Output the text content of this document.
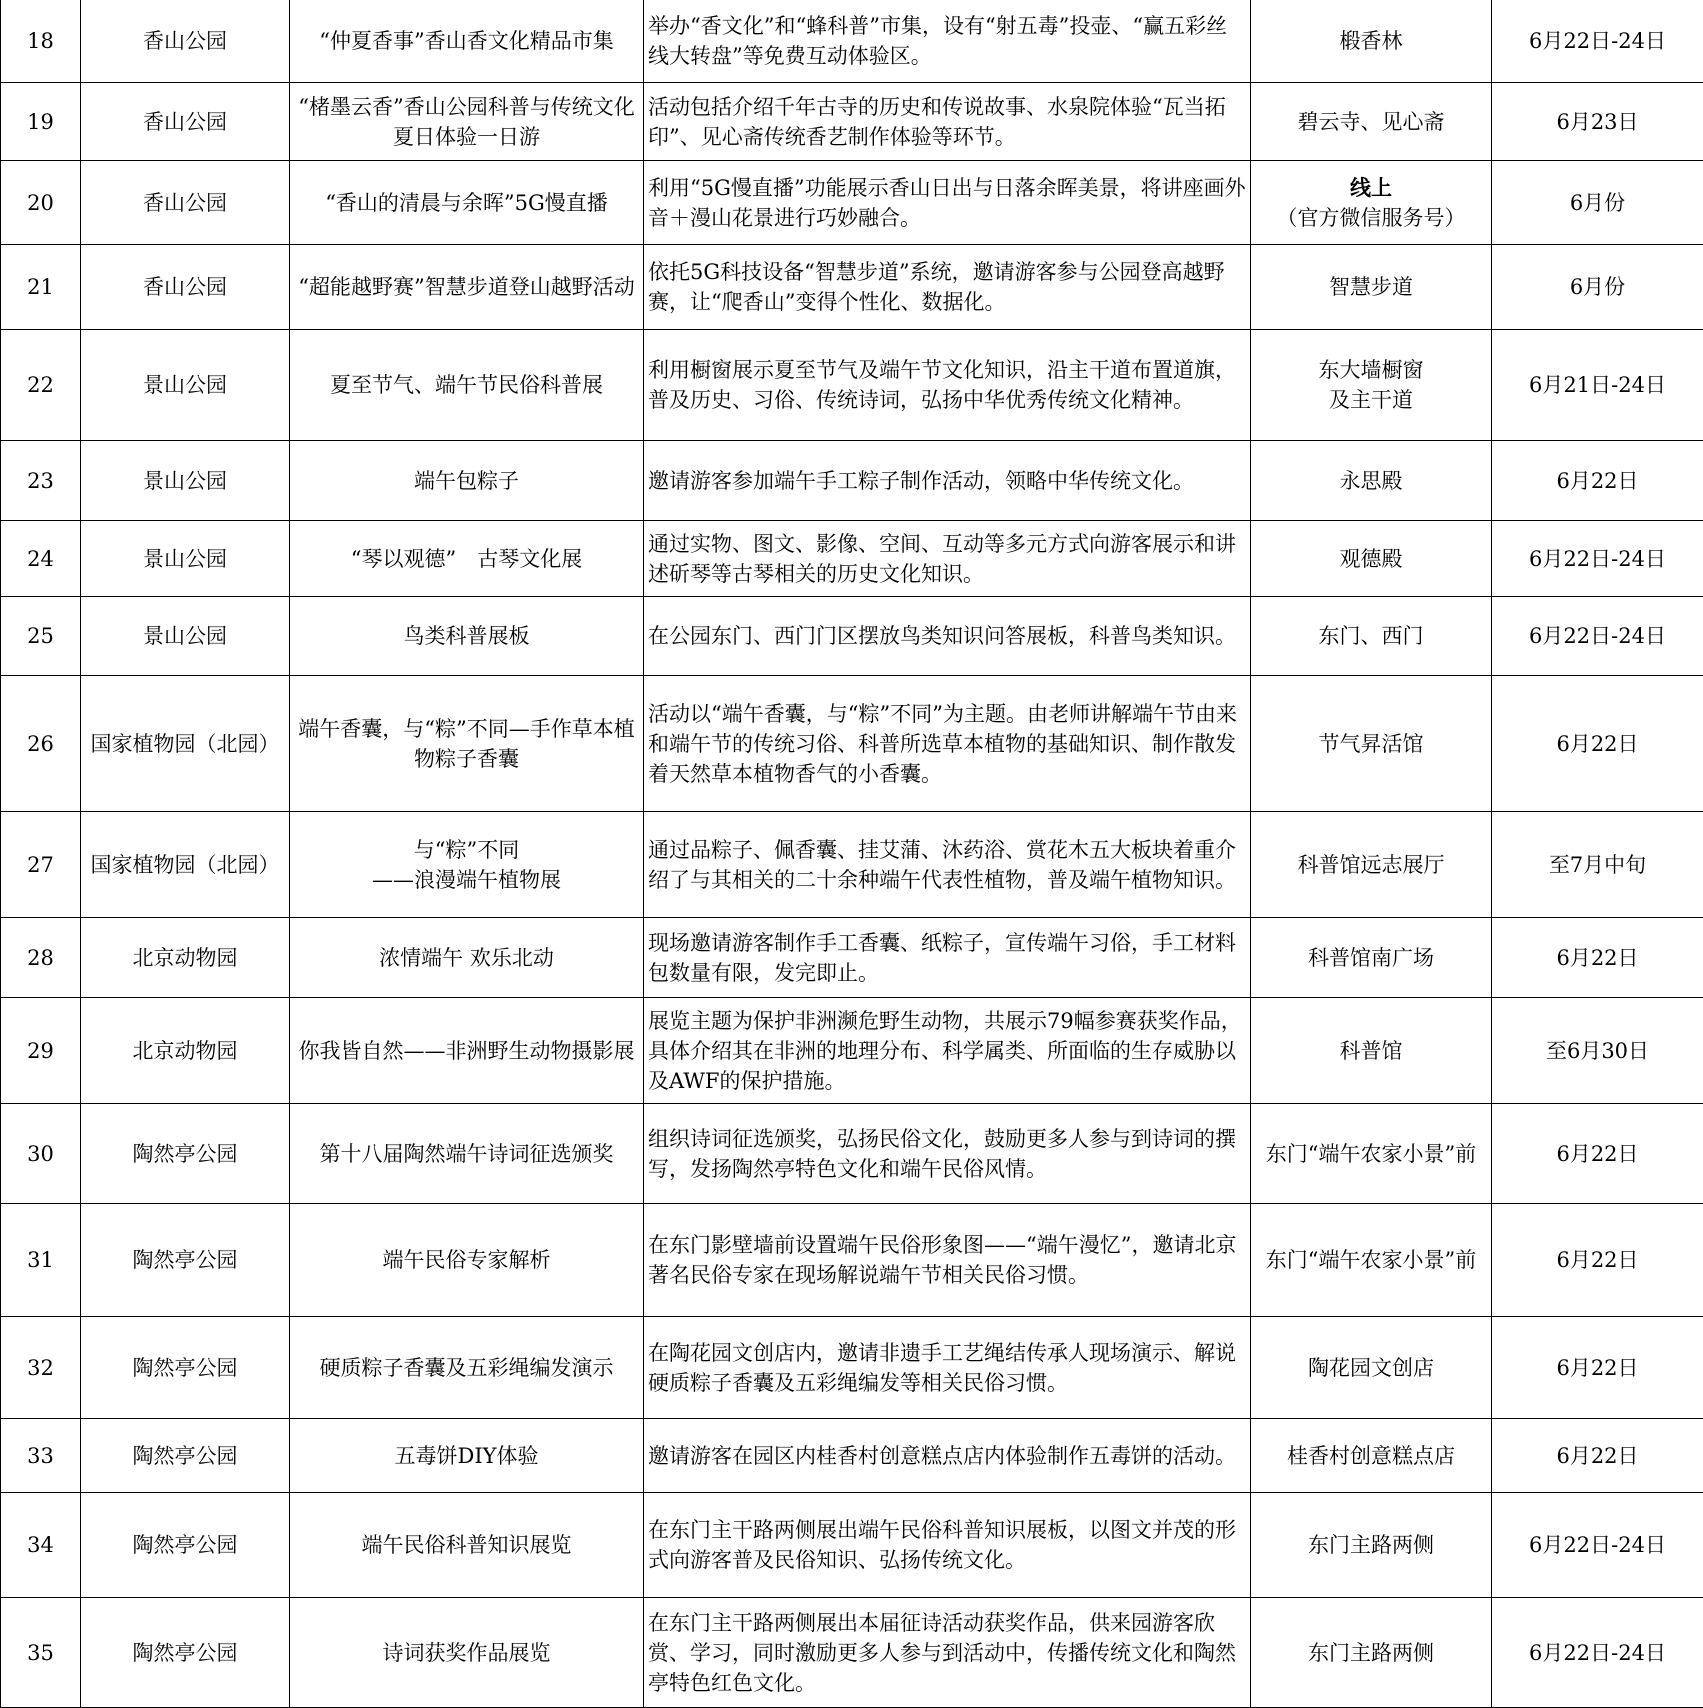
18	香山公园	“仲夏香事”香山香文化精品市集	举办“香文化”和“蜂科普”市集，设有“射五毒”投壶、“赢五彩丝线大转盘”等免费互动体验区。	椴香林	6月22日-24日
19	香山公园	“楮墨云香”香山公园科普与传统文化夏日体验一日游	活动包括介绍千年古寺的历史和传说故事、水泉院体验“瓦当拓印”、见心斋传统香艺制作体验等环节。	碧云寺、见心斋	6月23日
20	香山公园	“香山的清晨与余晖”5G慢直播	利用“5G慢直播”功能展示香山日出与日落余晖美景，将讲座画外音＋漫山花景进行巧妙融合。	线上
（官方微信服务号）	6月份
21	香山公园	“超能越野赛”智慧步道登山越野活动	依托5G科技设备“智慧步道”系统，邀请游客参与公园登高越野赛，让“爬香山”变得个性化、数据化。	智慧步道	6月份
22	景山公园	夏至节气、端午节民俗科普展	利用橱窗展示夏至节气及端午节文化知识，沿主干道布置道旗，普及历史、习俗、传统诗词，弘扬中华优秀传统文化精神。	东大墙橱窗
及主干道	6月21日-24日
23	景山公园	端午包粽子	邀请游客参加端午手工粽子制作活动，领略中华传统文化。	永思殿	6月22日
24	景山公园	“琴以观德”　古琴文化展	通过实物、图文、影像、空间、互动等多元方式向游客展示和讲述斫琴等古琴相关的历史文化知识。	观德殿	6月22日-24日
25	景山公园	鸟类科普展板	在公园东门、西门门区摆放鸟类知识问答展板，科普鸟类知识。	东门、西门	6月22日-24日
26	国家植物园（北园）	端午香囊，与“粽”不同—手作草本植物粽子香囊	活动以“端午香囊，与“粽”不同”为主题。由老师讲解端午节由来和端午节的传统习俗、科普所选草本植物的基础知识、制作散发着天然草本植物香气的小香囊。	节气昇活馆	6月22日
27	国家植物园（北园）	与“粽”不同
——浪漫端午植物展	通过品粽子、佩香囊、挂艾蒲、沐药浴、赏花木五大板块着重介绍了与其相关的二十余种端午代表性植物，普及端午植物知识。	科普馆远志展厅	至7月中旬
28	北京动物园	浓情端午 欢乐北动	现场邀请游客制作手工香囊、纸粽子，宣传端午习俗，手工材料包数量有限，发完即止。	科普馆南广场	6月22日
29	北京动物园	你我皆自然——非洲野生动物摄影展	展览主题为保护非洲濒危野生动物，共展示79幅参赛获奖作品，具体介绍其在非洲的地理分布、科学属类、所面临的生存威胁以及AWF的保护措施。	科普馆	至6月30日
30	陶然亭公园	第十八届陶然端午诗词征选颁奖	组织诗词征选颁奖，弘扬民俗文化，鼓励更多人参与到诗词的撰写，发扬陶然亭特色文化和端午民俗风情。	东门“端午农家小景”前	6月22日
31	陶然亭公园	端午民俗专家解析	在东门影壁墙前设置端午民俗形象图——“端午漫忆”，邀请北京著名民俗专家在现场解说端午节相关民俗习惯。	东门“端午农家小景”前	6月22日
32	陶然亭公园	硬质粽子香囊及五彩绳编发演示	在陶花园文创店内，邀请非遗手工艺绳结传承人现场演示、解说硬质粽子香囊及五彩绳编发等相关民俗习惯。	陶花园文创店	6月22日
33	陶然亭公园	五毒饼DIY体验	邀请游客在园区内桂香村创意糕点店内体验制作五毒饼的活动。	桂香村创意糕点店	6月22日
34	陶然亭公园	端午民俗科普知识展览	在东门主干路两侧展出端午民俗科普知识展板，以图文并茂的形式向游客普及民俗知识、弘扬传统文化。	东门主路两侧	6月22日-24日
35	陶然亭公园	诗词获奖作品展览	在东门主干路两侧展出本届征诗活动获奖作品，供来园游客欣赏、学习，同时激励更多人参与到活动中，传播传统文化和陶然亭特色红色文化。	东门主路两侧	6月22日-24日
